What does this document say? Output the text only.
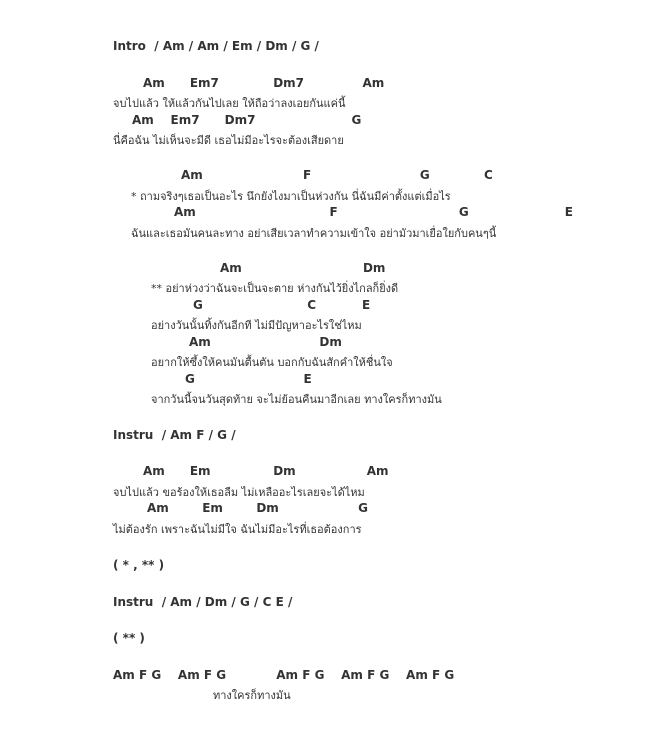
Intro  / Am / Am / Em / Dm / G /
Am      Em7             Dm7              Am
จบไปแล้ว ให้แล้วกันไปเลย ให้ถือว่าลงเอยกันแค่นี้
Am    Em7      Dm7                       G
นี่คือฉัน ไม่เห็นจะมีดี เธอไม่มีอะไรจะต้องเสียดาย
Am                        F                          G             C
* ถามจริงๆเธอเป็นอะไร นึกยังไงมาเป็นห่วงกัน นี่ฉันมีค่าตั้งแต่เมื่อไร
Am                                F                             G                       E
ฉันและเธอมันคนละทาง อย่าเสียเวลาทำความเข้าใจ อย่ามัวมาเยื่อใยกับคนๆนี้
Am                             Dm
** อย่าห่วงว่าฉันจะเป็นจะตาย ห่างกันไว้ยิ่งไกลก็ยิ่งดี
G                         C           E
อย่างวันนั้นทิ้งกันอีกที ไม่มีปัญหาอะไรใช่ไหม
Am                          Dm
อยากให้ซึ้งให้คนมันตื้นตัน บอกกับฉันสักคำให้ชื่นใจ
G                          E
จากวันนี้จนวันสุดท้าย จะไม่ย้อนคืนมาอีกเลย ทางใครก็ทางมัน
Instru  / Am F / G /
Am      Em               Dm                 Am
จบไปแล้ว ขอร้องให้เธอลืม ไม่เหลืออะไรเลยจะได้ไหม
Am        Em        Dm                   G
ไม่ต้องรัก เพราะฉันไม่มีใจ ฉันไม่มีอะไรที่เธอต้องการ
( * , ** )
Instru  / Am / Dm / G / C E /
( ** )
Am F G    Am F G            Am F G    Am F G    Am F G
ทางใครก็ทางมัน
